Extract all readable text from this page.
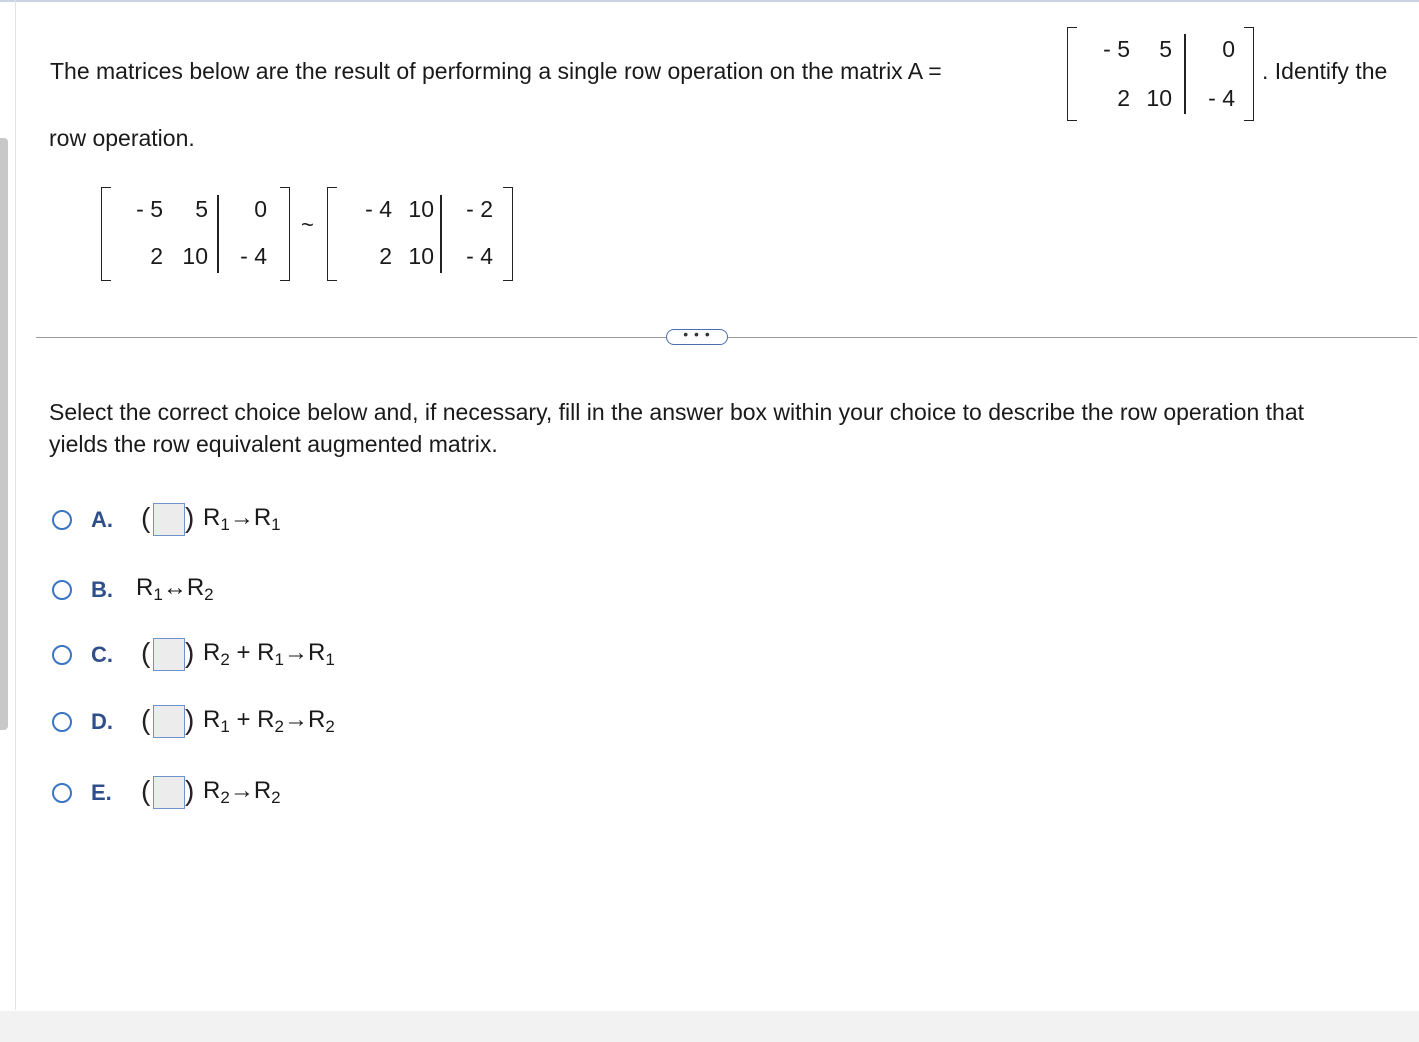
The matrices below are the result of performing a single row operation on the matrix A =
- 5 5 0
2 10 - 4
. Identify the
row operation.
- 5 5 0
2 10 - 4
~
- 4 10 - 2
2 10 - 4
• • •
Select the correct choice below and, if necessary, fill in the answer box within your choice to describe the row operation that yields the row equivalent augmented matrix.
A. ( ) $R_1\to R_1$
B. $R_1\leftrightarrow R_2$
C. ( ) $R_2 + R_1\to R_1$
D. ( ) $R_1 + R_2\to R_2$
E. ( ) $R_2\to R_2$
